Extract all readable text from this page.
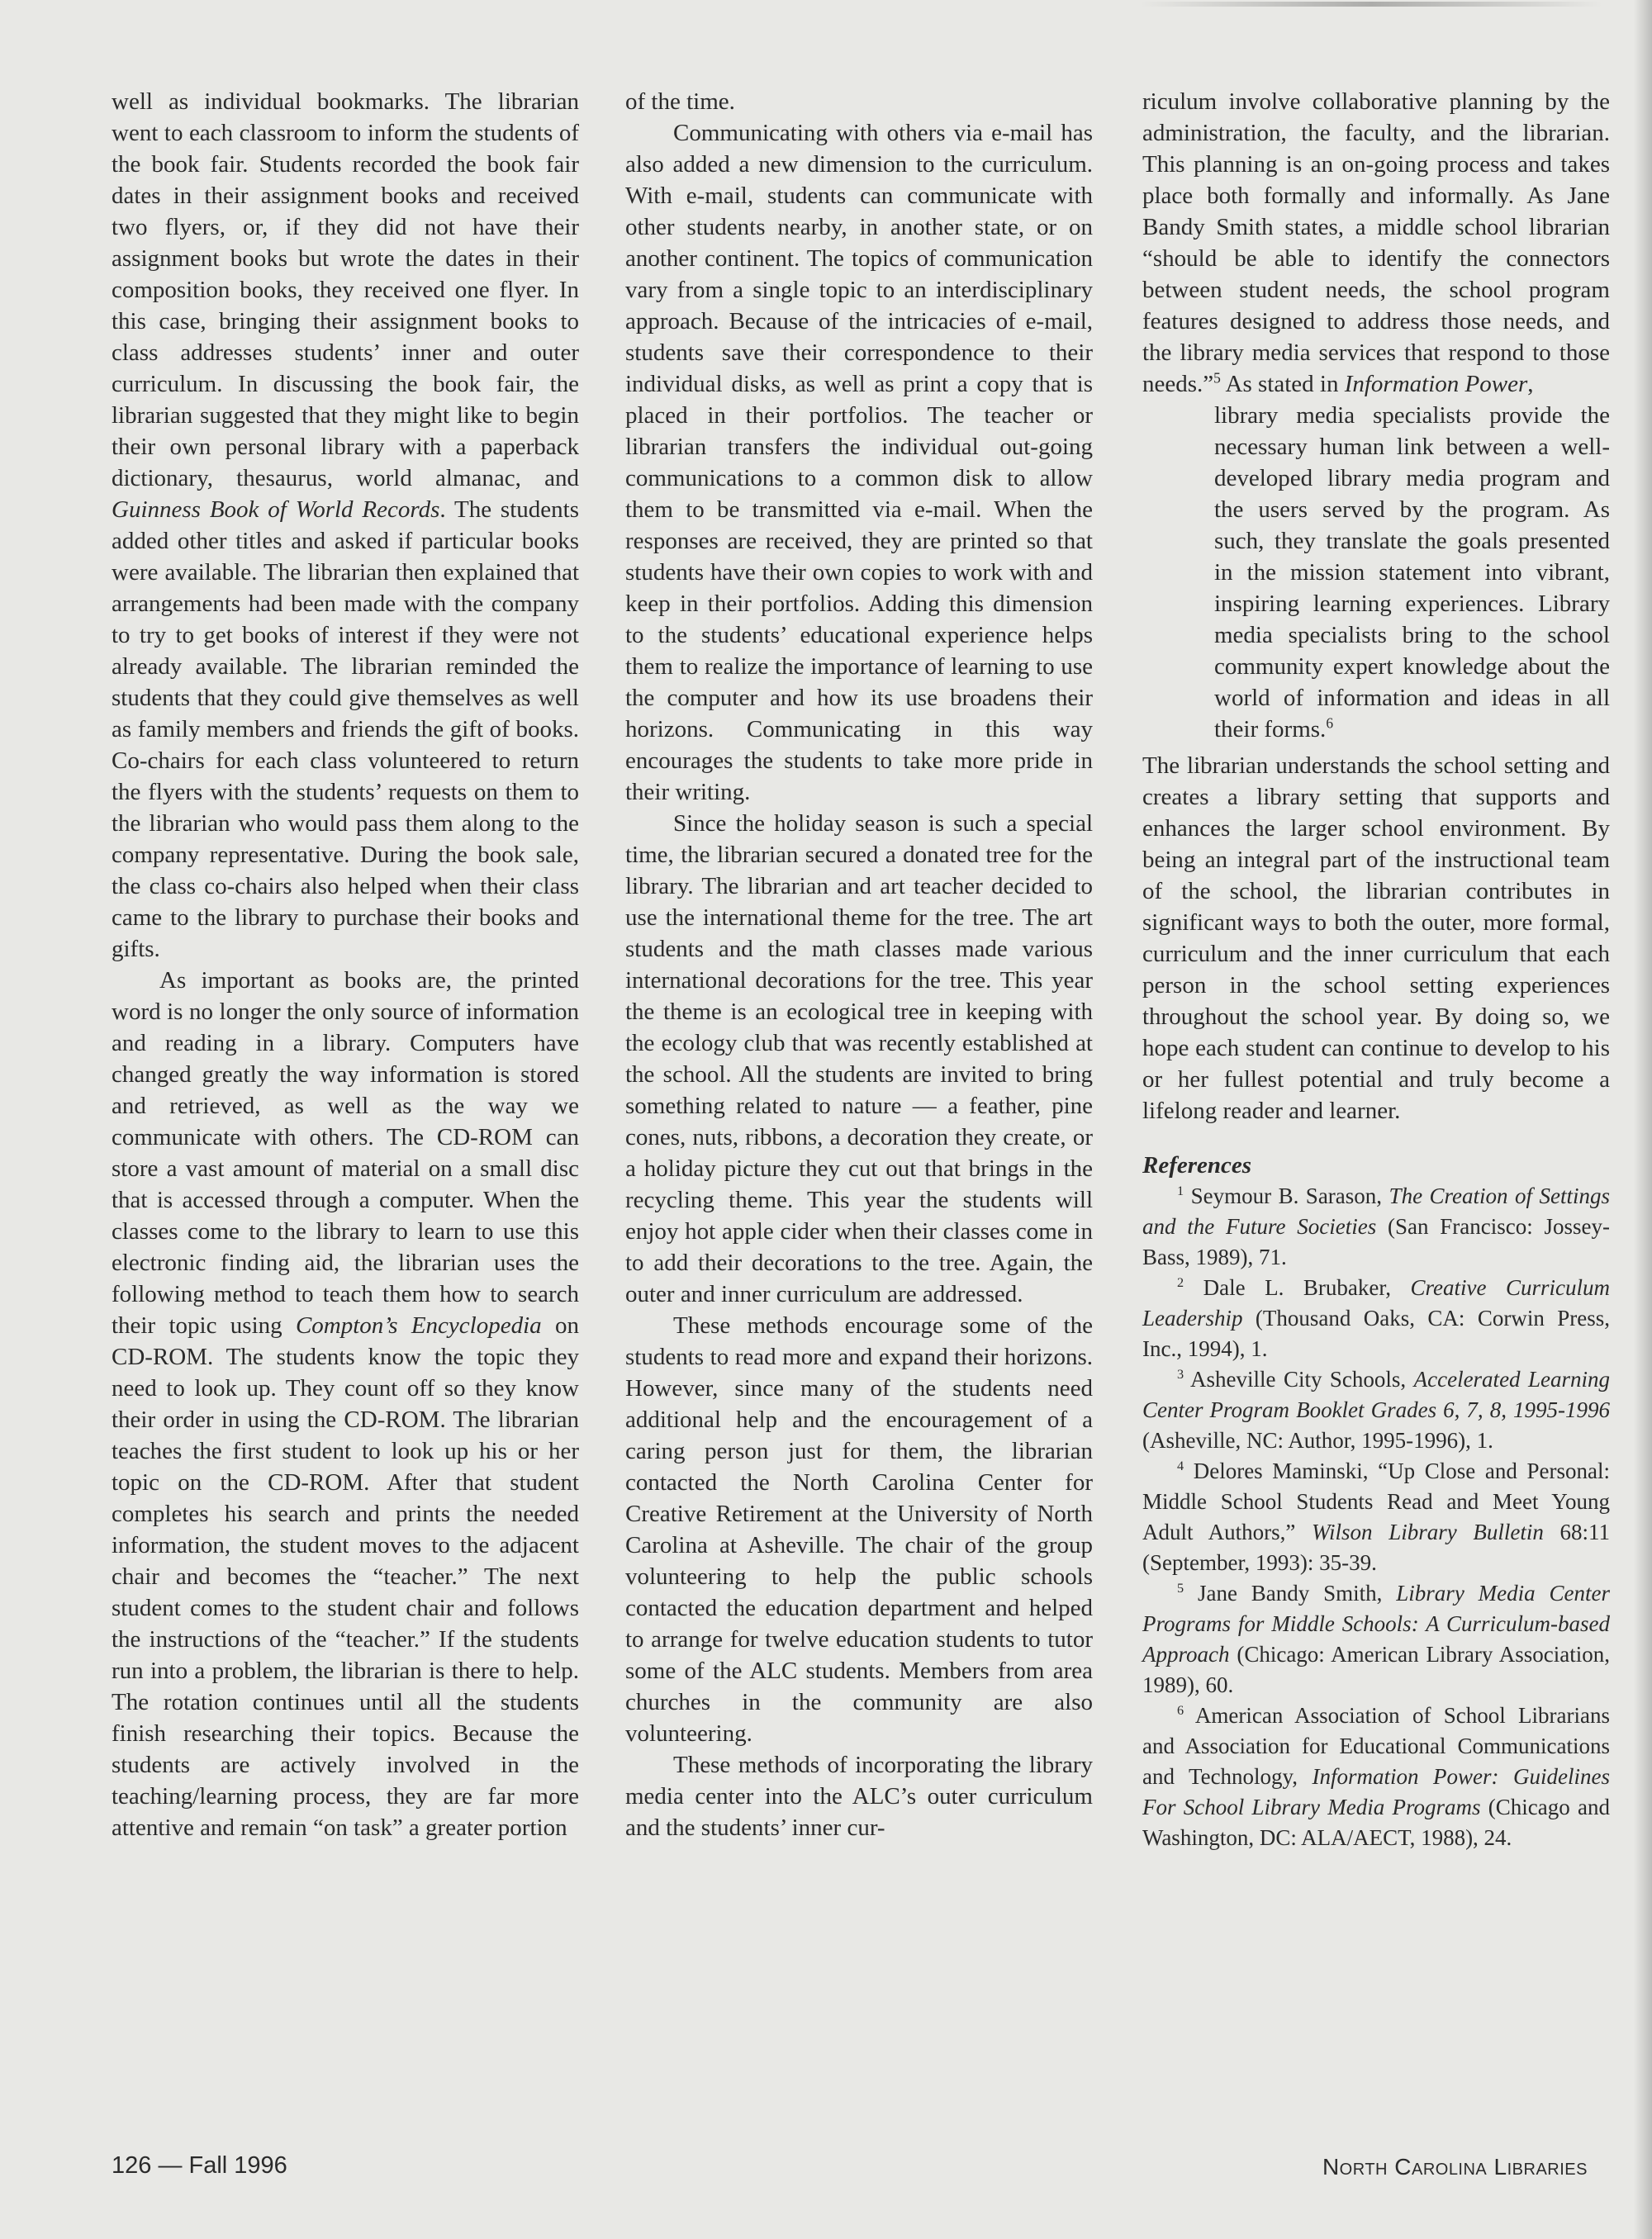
well as individual bookmarks. The librarian went to each classroom to inform the students of the book fair. Students recorded the book fair dates in their assignment books and received two flyers, or, if they did not have their assignment books but wrote the dates in their composition books, they received one flyer. In this case, bringing their assignment books to class addresses students’ inner and outer curriculum. In discussing the book fair, the librarian suggested that they might like to begin their own personal library with a paperback dictionary, thesaurus, world almanac, and Guinness Book of World Records. The students added other titles and asked if particular books were available. The librarian then explained that arrangements had been made with the company to try to get books of interest if they were not already available. The librarian reminded the students that they could give themselves as well as family members and friends the gift of books. Co-chairs for each class volunteered to return the flyers with the students’ requests on them to the librarian who would pass them along to the company representative. During the book sale, the class co-chairs also helped when their class came to the library to purchase their books and gifts.

As important as books are, the printed word is no longer the only source of information and reading in a library. Computers have changed greatly the way information is stored and retrieved, as well as the way we communicate with others. The CD-ROM can store a vast amount of material on a small disc that is accessed through a computer. When the classes come to the library to learn to use this electronic finding aid, the librarian uses the following method to teach them how to search their topic using Compton’s Encyclopedia on CD-ROM. The students know the topic they need to look up. They count off so they know their order in using the CD-ROM. The librarian teaches the first student to look up his or her topic on the CD-ROM. After that student completes his search and prints the needed information, the student moves to the adjacent chair and becomes the “teacher.” The next student comes to the student chair and follows the instructions of the “teacher.” If the students run into a problem, the librarian is there to help. The rotation continues until all the students finish researching their topics. Because the students are actively involved in the teaching/learning process, they are far more attentive and remain “on task” a greater portion

of the time.

Communicating with others via e-mail has also added a new dimension to the curriculum. With e-mail, students can communicate with other students nearby, in another state, or on another continent. The topics of communication vary from a single topic to an interdisciplinary approach. Because of the intricacies of e-mail, students save their correspondence to their individual disks, as well as print a copy that is placed in their portfolios. The teacher or librarian transfers the individual out-going communications to a common disk to allow them to be transmitted via e-mail. When the responses are received, they are printed so that students have their own copies to work with and keep in their portfolios. Adding this dimension to the students’ educational experience helps them to realize the importance of learning to use the computer and how its use broadens their horizons. Communicating in this way encourages the students to take more pride in their writing.

Since the holiday season is such a special time, the librarian secured a donated tree for the library. The librarian and art teacher decided to use the international theme for the tree. The art students and the math classes made various international decorations for the tree. This year the theme is an ecological tree in keeping with the ecology club that was recently established at the school. All the students are invited to bring something related to nature — a feather, pine cones, nuts, ribbons, a decoration they create, or a holiday picture they cut out that brings in the recycling theme. This year the students will enjoy hot apple cider when their classes come in to add their decorations to the tree. Again, the outer and inner curriculum are addressed.

These methods encourage some of the students to read more and expand their horizons. However, since many of the students need additional help and the encouragement of a caring person just for them, the librarian contacted the North Carolina Center for Creative Retirement at the University of North Carolina at Asheville. The chair of the group volunteering to help the public schools contacted the education department and helped to arrange for twelve education students to tutor some of the ALC students. Members from area churches in the community are also volunteering.

These methods of incorporating the library media center into the ALC’s outer curriculum and the students’ inner cur-

riculum involve collaborative planning by the administration, the faculty, and the librarian. This planning is an on-going process and takes place both formally and informally. As Jane Bandy Smith states, a middle school librarian “should be able to identify the connectors between student needs, the school program features designed to address those needs, and the library media services that respond to those needs.”$^5$ As stated in Information Power,

library media specialists provide the necessary human link between a well-developed library media program and the users served by the program. As such, they translate the goals presented in the mission statement into vibrant, inspiring learning experiences. Library media specialists bring to the school community expert knowledge about the world of information and ideas in all their forms.$^6$

The librarian understands the school setting and creates a library setting that supports and enhances the larger school environment. By being an integral part of the instructional team of the school, the librarian contributes in significant ways to both the outer, more formal, curriculum and the inner curriculum that each person in the school setting experiences throughout the school year. By doing so, we hope each student can continue to develop to his or her fullest potential and truly become a lifelong reader and learner.

References

$^1$ Seymour B. Sarason, The Creation of Settings and the Future Societies (San Francisco: Jossey-Bass, 1989), 71.

$^2$ Dale L. Brubaker, Creative Curriculum Leadership (Thousand Oaks, CA: Corwin Press, Inc., 1994), 1.

$^3$ Asheville City Schools, Accelerated Learning Center Program Booklet Grades 6, 7, 8, 1995-1996 (Asheville, NC: Author, 1995-1996), 1.

$^4$ Delores Maminski, “Up Close and Personal: Middle School Students Read and Meet Young Adult Authors,” Wilson Library Bulletin 68:11 (September, 1993): 35-39.

$^5$ Jane Bandy Smith, Library Media Center Programs for Middle Schools: A Curriculum-based Approach (Chicago: American Library Association, 1989), 60.

$^6$ American Association of School Librarians and Association for Educational Communications and Technology, Information Power: Guidelines For School Library Media Programs (Chicago and Washington, DC: ALA/AECT, 1988), 24.

126 — Fall 1996	North Carolina Libraries
